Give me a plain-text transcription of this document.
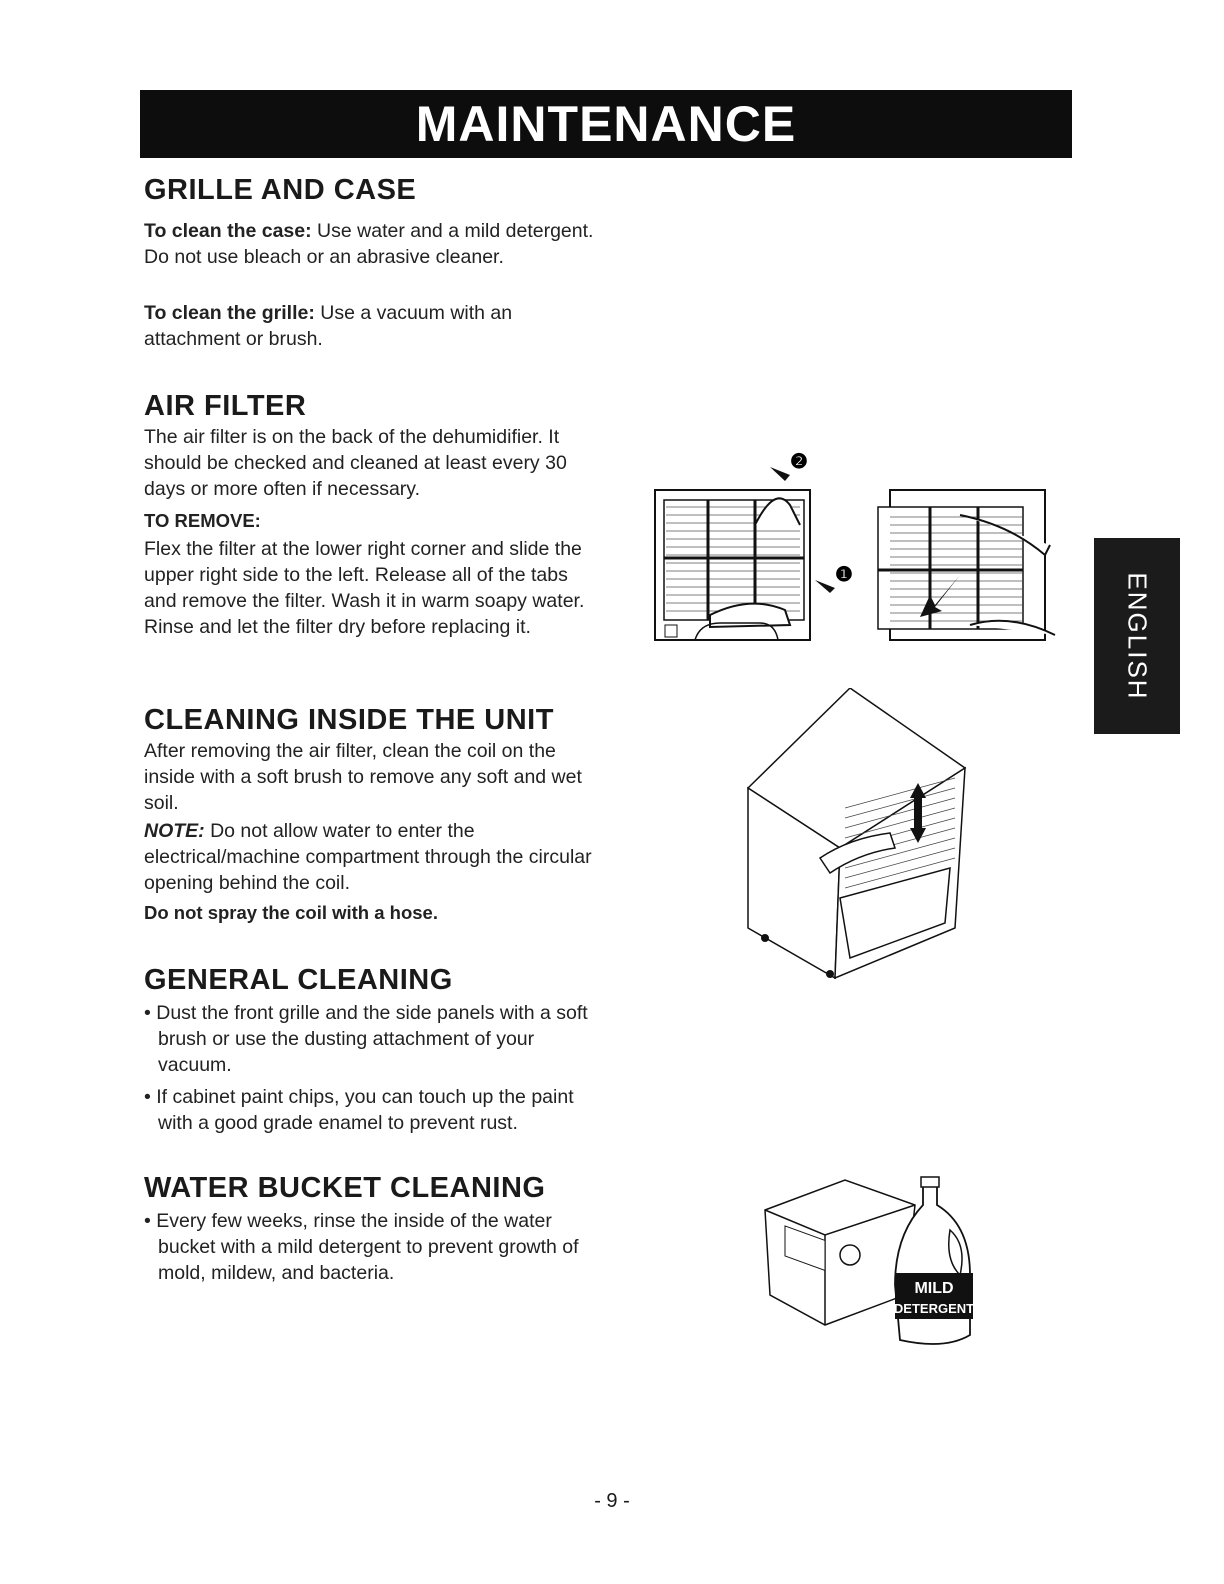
MAINTENANCE
ENGLISH
GRILLE AND CASE

To clean the case: Use water and a mild detergent. Do not use bleach or an abrasive cleaner.

To clean the grille: Use a vacuum with an attachment or brush.

AIR FILTER

The air filter is on the back of the dehumidifier. It should be checked and cleaned at least every 30 days or more often if necessary.

TO REMOVE:

Flex the filter at the lower right corner and slide the upper right side to the left. Release all of the tabs and remove the filter. Wash it in warm soapy water. Rinse and let the filter dry before replacing it.

CLEANING INSIDE THE UNIT

After removing the air filter, clean the coil on the inside with a soft brush to remove any soft and wet soil.

NOTE: Do not allow water to enter the electrical/machine compartment through the circular opening behind the coil.

Do not spray the coil with a hose.

GENERAL CLEANING

• Dust the front grille and the side panels with a soft brush or use the dusting attachment of your vacuum.

• If cabinet paint chips, you can touch up the paint with a good grade enamel to prevent rust.

WATER BUCKET CLEANING

• Every few weeks, rinse the inside of the water bucket with a mild detergent to prevent growth of mold, mildew, and bacteria.

❷
❶
MILD
DETERGENT
- 9 -
